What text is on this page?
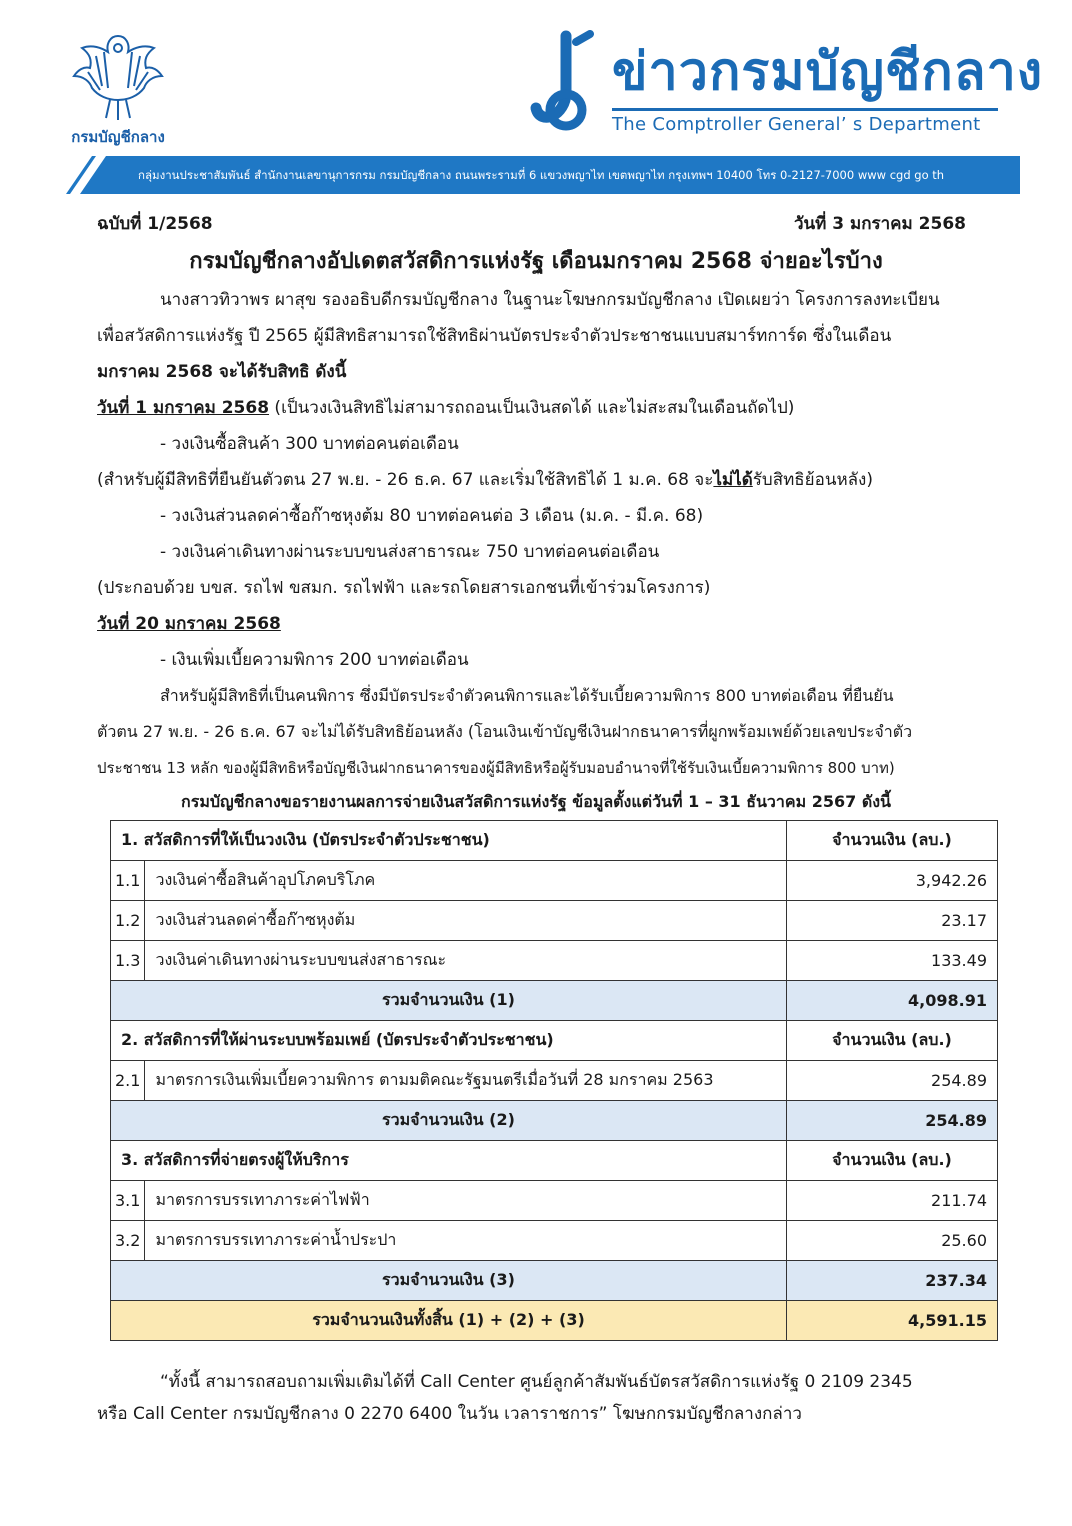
กรมบัญชีกลาง
ข่าวกรมบัญชีกลาง
The Comptroller General’ s Department
กลุ่มงานประชาสัมพันธ์ สำนักงานเลขานุการกรม กรมบัญชีกลาง ถนนพระรามที่ 6 แขวงพญาไท เขตพญาไท กรุงเทพฯ 10400 โทร 0-2127-7000 www cgd go th
ฉบับที่ 1/2568	วันที่ 3 มกราคม 2568
กรมบัญชีกลางอัปเดตสวัสดิการแห่งรัฐ เดือนมกราคม 2568 จ่ายอะไรบ้าง
นางสาวทิวาพร ผาสุข รองอธิบดีกรมบัญชีกลาง ในฐานะโฆษกกรมบัญชีกลาง เปิดเผยว่า โครงการลงทะเบียน
เพื่อสวัสดิการแห่งรัฐ ปี 2565 ผู้มีสิทธิสามารถใช้สิทธิผ่านบัตรประจำตัวประชาชนแบบสมาร์ทการ์ด ซึ่งในเดือน
มกราคม 2568 จะได้รับสิทธิ ดังนี้
วันที่ 1 มกราคม 2568 (เป็นวงเงินสิทธิไม่สามารถถอนเป็นเงินสดได้ และไม่สะสมในเดือนถัดไป)
- วงเงินซื้อสินค้า 300 บาทต่อคนต่อเดือน
(สำหรับผู้มีสิทธิที่ยืนยันตัวตน 27 พ.ย. - 26 ธ.ค. 67 และเริ่มใช้สิทธิได้ 1 ม.ค. 68 จะไม่ได้รับสิทธิย้อนหลัง)
- วงเงินส่วนลดค่าซื้อก๊าซหุงต้ม 80 บาทต่อคนต่อ 3 เดือน (ม.ค. - มี.ค. 68)
- วงเงินค่าเดินทางผ่านระบบขนส่งสาธารณะ 750 บาทต่อคนต่อเดือน
(ประกอบด้วย บขส. รถไฟ ขสมก. รถไฟฟ้า และรถโดยสารเอกชนที่เข้าร่วมโครงการ)
วันที่ 20 มกราคม 2568
- เงินเพิ่มเบี้ยความพิการ 200 บาทต่อเดือน
สำหรับผู้มีสิทธิที่เป็นคนพิการ ซึ่งมีบัตรประจำตัวคนพิการและได้รับเบี้ยความพิการ 800 บาทต่อเดือน ที่ยืนยัน
ตัวตน 27 พ.ย. - 26 ธ.ค. 67 จะไม่ได้รับสิทธิย้อนหลัง (โอนเงินเข้าบัญชีเงินฝากธนาคารที่ผูกพร้อมเพย์ด้วยเลขประจำตัว
ประชาชน 13 หลัก ของผู้มีสิทธิหรือบัญชีเงินฝากธนาคารของผู้มีสิทธิหรือผู้รับมอบอำนาจที่ใช้รับเงินเบี้ยความพิการ 800 บาท)
กรมบัญชีกลางขอรายงานผลการจ่ายเงินสวัสดิการแห่งรัฐ ข้อมูลตั้งแต่วันที่ 1 – 31 ธันวาคม 2567 ดังนี้
1. สวัสดิการที่ให้เป็นวงเงิน (บัตรประจำตัวประชาชน)		จำนวนเงิน (ลบ.)
1.1	วงเงินค่าซื้อสินค้าอุปโภคบริโภค	3,942.26
1.2	วงเงินส่วนลดค่าซื้อก๊าซหุงต้ม	23.17
1.3	วงเงินค่าเดินทางผ่านระบบขนส่งสาธารณะ	133.49
รวมจำนวนเงิน (1)		4,098.91
2. สวัสดิการที่ให้ผ่านระบบพร้อมเพย์ (บัตรประจำตัวประชาชน)		จำนวนเงิน (ลบ.)
2.1	มาตรการเงินเพิ่มเบี้ยความพิการ ตามมติคณะรัฐมนตรีเมื่อวันที่ 28 มกราคม 2563	254.89
รวมจำนวนเงิน (2)		254.89
3. สวัสดิการที่จ่ายตรงผู้ให้บริการ		จำนวนเงิน (ลบ.)
3.1	มาตรการบรรเทาภาระค่าไฟฟ้า	211.74
3.2	มาตรการบรรเทาภาระค่าน้ำประปา	25.60
รวมจำนวนเงิน (3)		237.34
รวมจำนวนเงินทั้งสิ้น (1) + (2) + (3)		4,591.15
“ทั้งนี้ สามารถสอบถามเพิ่มเติมได้ที่ Call Center ศูนย์ลูกค้าสัมพันธ์บัตรสวัสดิการแห่งรัฐ 0 2109 2345
หรือ Call Center กรมบัญชีกลาง 0 2270 6400 ในวัน เวลาราชการ” โฆษกกรมบัญชีกลางกล่าว
